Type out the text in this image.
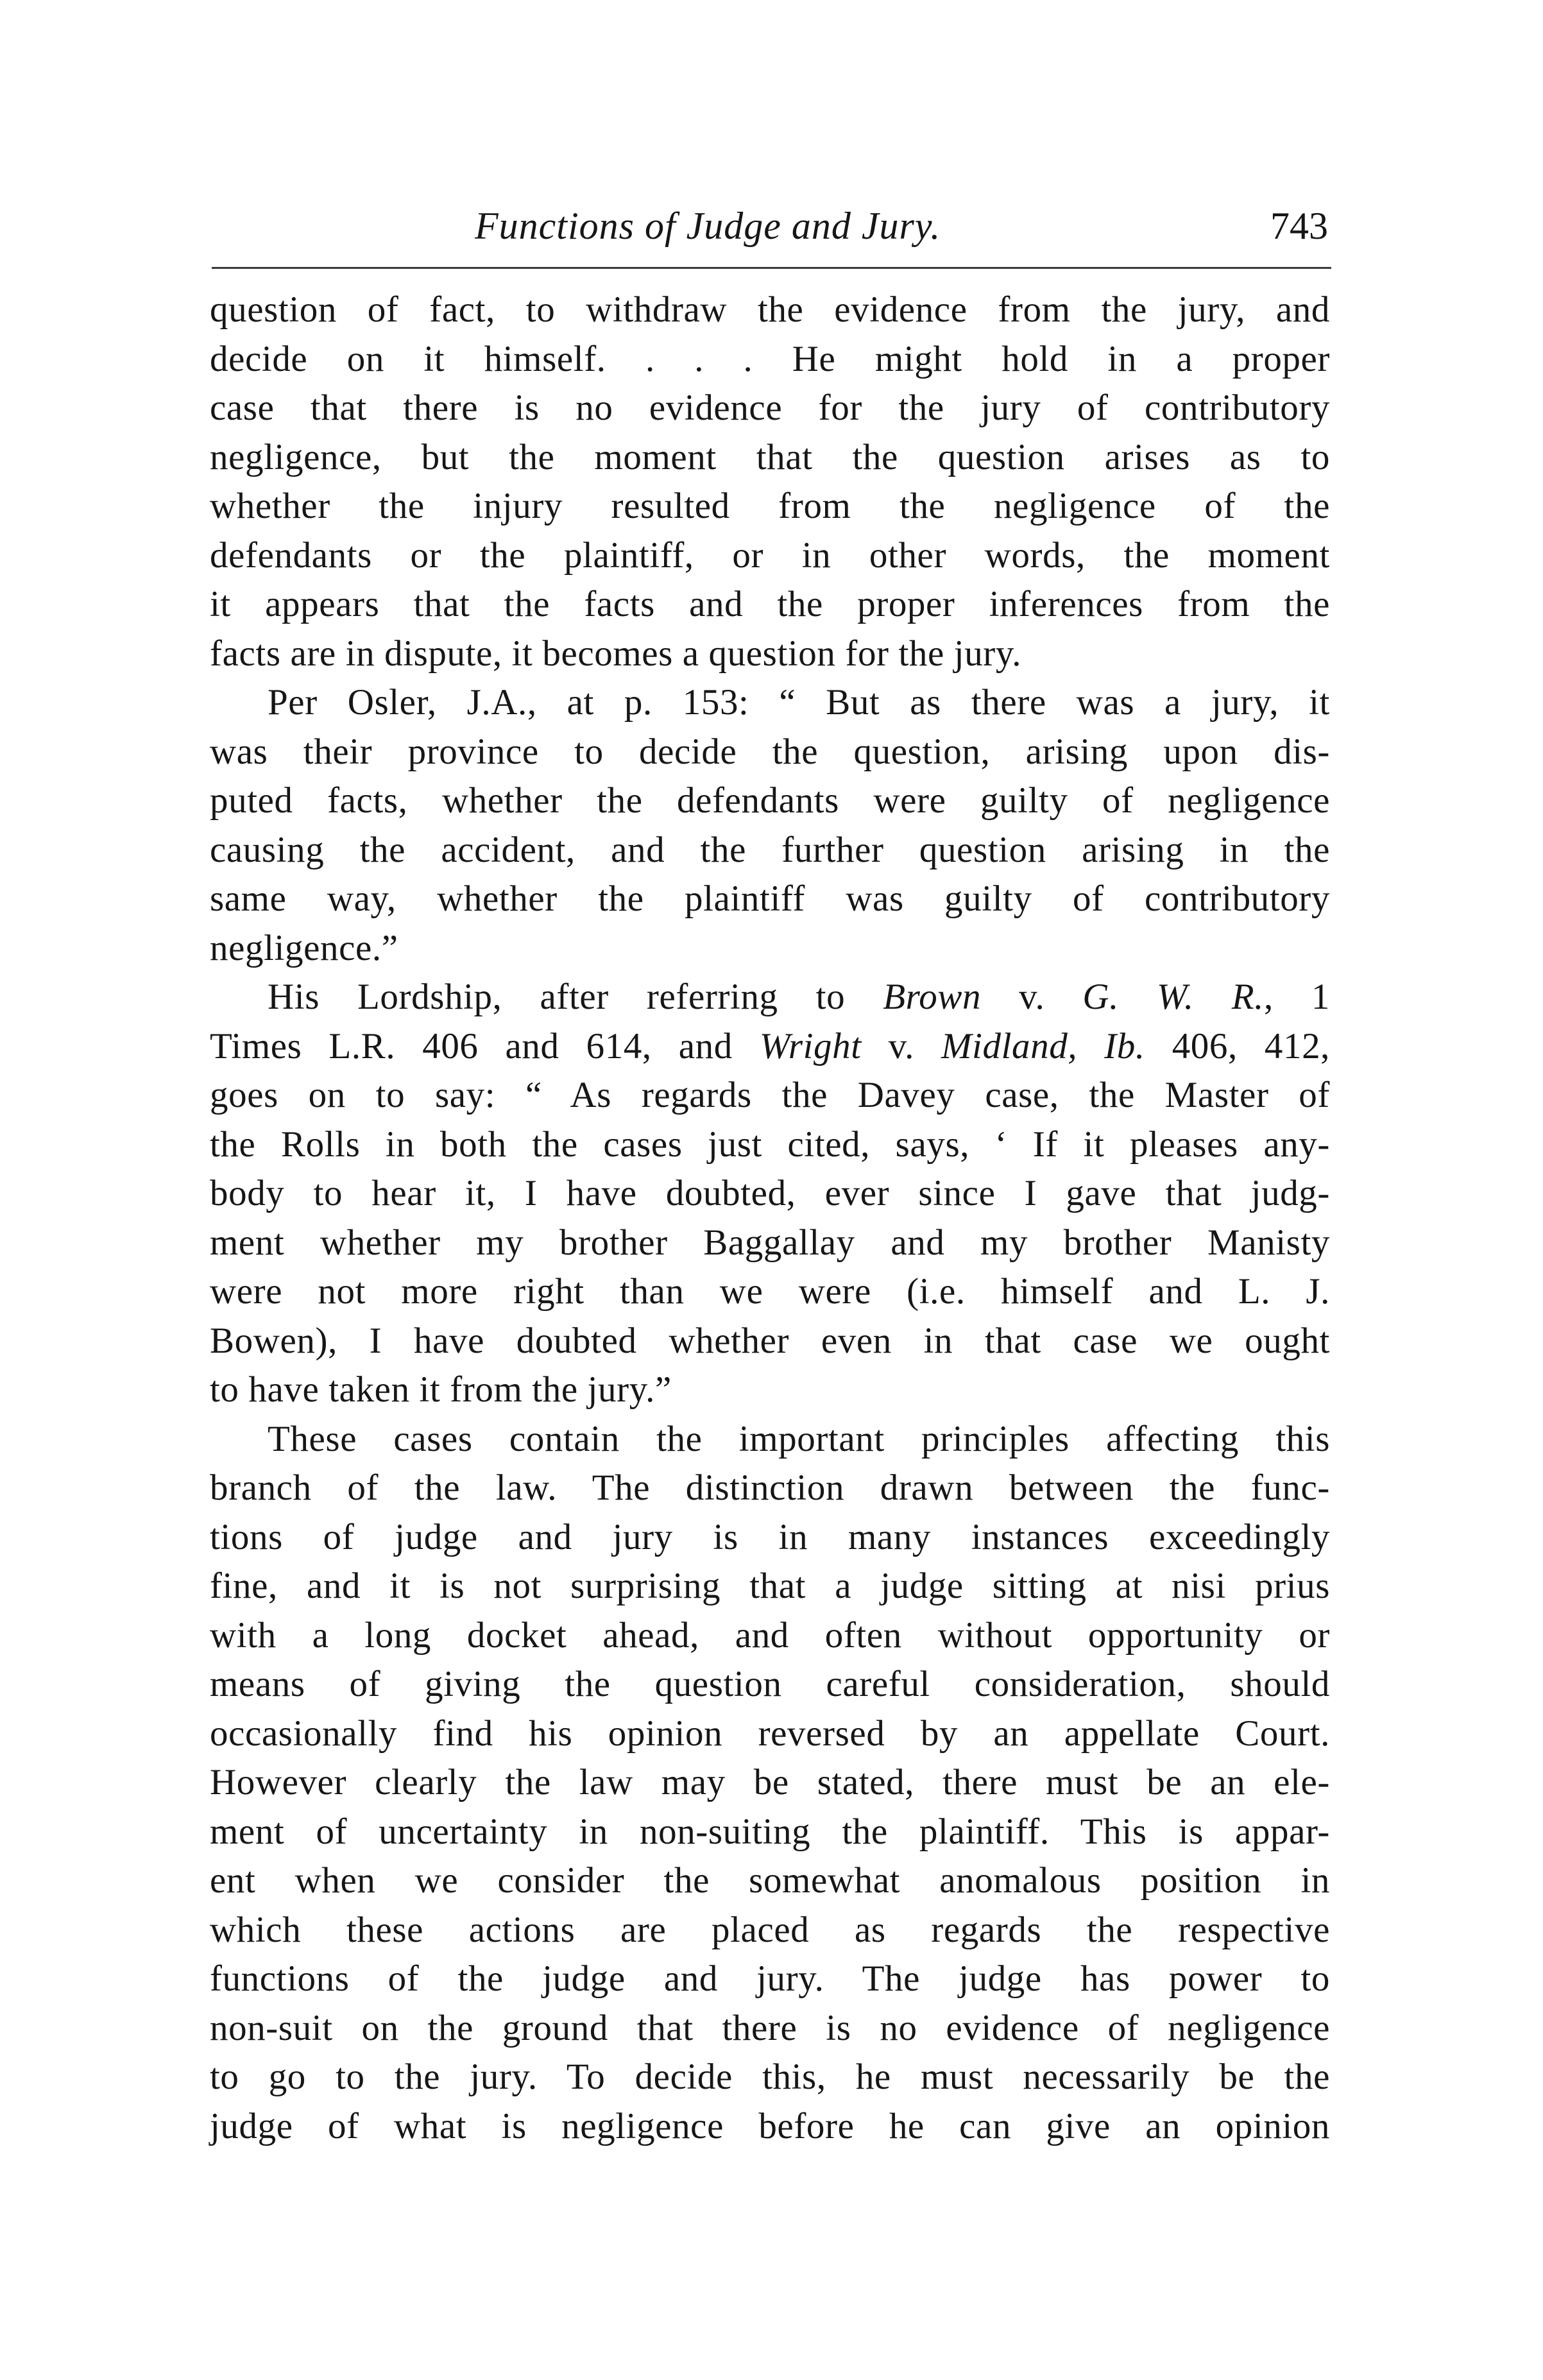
Functions of Judge and Jury.	743
question of fact, to withdraw the evidence from the jury, and
decide on it himself. . . . He might hold in a proper
case that there is no evidence for the jury of contributory
negligence, but the moment that the question arises as to
whether the injury resulted from the negligence of the
defendants or the plaintiff, or in other words, the moment
it appears that the facts and the proper inferences from the
facts are in dispute, it becomes a question for the jury.
Per Osler, J.A., at p. 153: “ But as there was a jury, it
was their province to decide the question, arising upon dis-
puted facts, whether the defendants were guilty of negligence
causing the accident, and the further question arising in the
same way, whether the plaintiff was guilty of contributory
negligence.”
His Lordship, after referring to Brown v. G. W. R., 1
Times L.R. 406 and 614, and Wright v. Midland, Ib. 406, 412,
goes on to say: “ As regards the Davey case, the Master of
the Rolls in both the cases just cited, says, ‘ If it pleases any-
body to hear it, I have doubted, ever since I gave that judg-
ment whether my brother Baggallay and my brother Manisty
were not more right than we were (i.e. himself and L. J.
Bowen), I have doubted whether even in that case we ought
to have taken it from the jury.”
These cases contain the important principles affecting this
branch of the law. The distinction drawn between the func-
tions of judge and jury is in many instances exceedingly
fine, and it is not surprising that a judge sitting at nisi prius
with a long docket ahead, and often without opportunity or
means of giving the question careful consideration, should
occasionally find his opinion reversed by an appellate Court.
However clearly the law may be stated, there must be an ele-
ment of uncertainty in non-suiting the plaintiff. This is appar-
ent when we consider the somewhat anomalous position in
which these actions are placed as regards the respective
functions of the judge and jury. The judge has power to
non-suit on the ground that there is no evidence of negligence
to go to the jury. To decide this, he must necessarily be the
judge of what is negligence before he can give an opinion
